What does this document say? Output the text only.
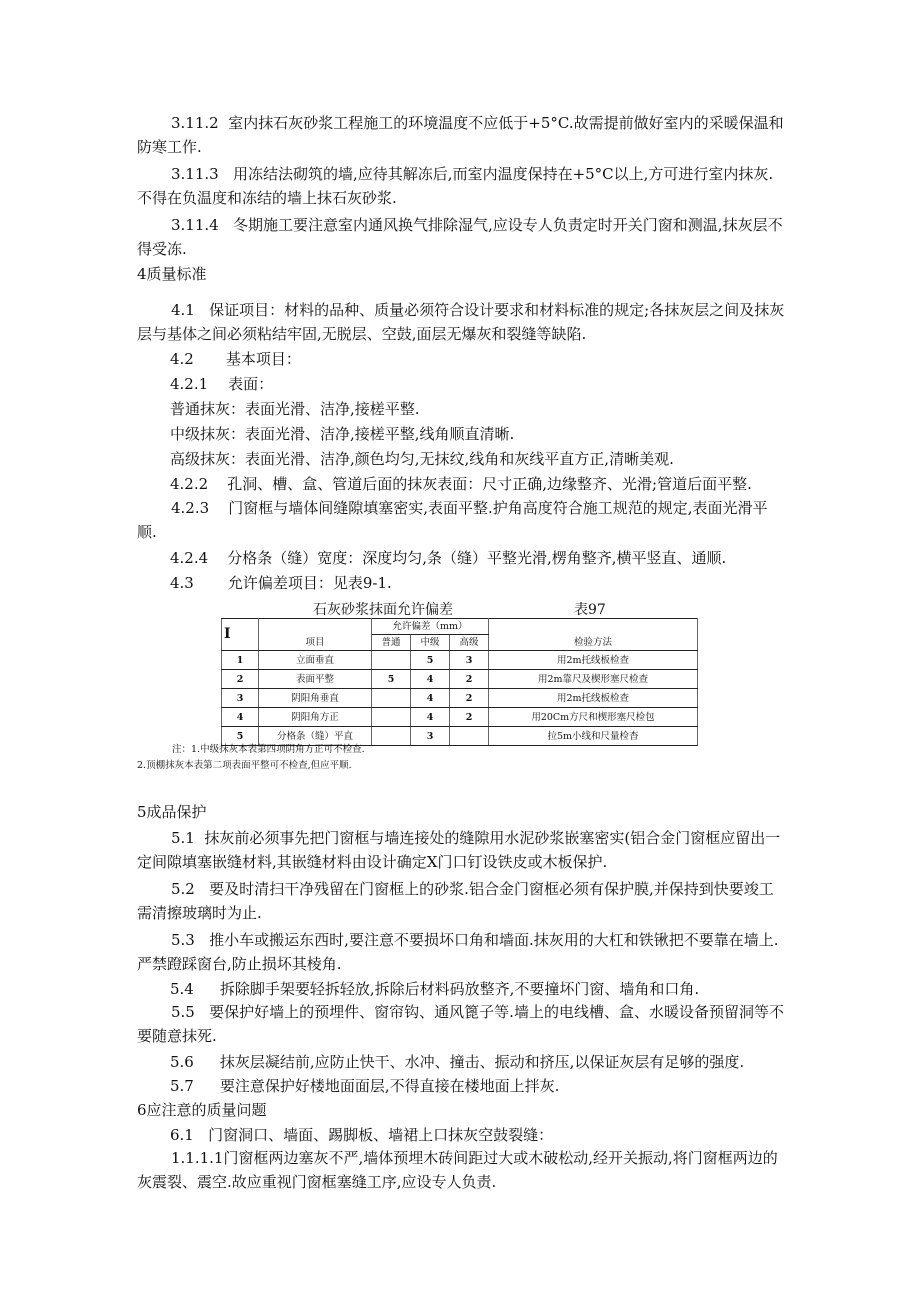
3.11.2 室内抹石灰砂浆工程施工的环境温度不应低于+5°C.故需提前做好室内的采暖保温和防寒工作.
3.11.3 用冻结法砌筑的墙,应待其解冻后,而室内温度保持在+5°C以上,方可进行室内抹灰.不得在负温度和冻结的墙上抹石灰砂浆.
3.11.4 冬期施工要注意室内通风换气排除湿气,应设专人负责定时开关门窗和测温,抹灰层不得受冻.
4质量标准
4.1 保证项目：材料的品种、质量必须符合设计要求和材料标准的规定;各抹灰层之间及抹灰层与基体之间必须粘结牢固,无脱层、空鼓,面层无爆灰和裂缝等缺陷.
4.2 基本项目：
4.2.1 表面：
普通抹灰：表面光滑、洁净,接槎平整.
中级抹灰：表面光滑、洁净,接槎平整,线角顺直清晰.
高级抹灰：表面光滑、洁净,颜色均匀,无抹纹,线角和灰线平直方正,清晰美观.
4.2.2 孔洞、槽、盒、管道后面的抹灰表面：尺寸正确,边缘整齐、光滑;管道后面平整.
4.2.3 门窗框与墙体间缝隙填塞密实,表面平整.护角高度符合施工规范的规定,表面光滑平顺.
4.2.4 分格条（缝）宽度：深度均匀,条（缝）平整光滑,楞角整齐,横平竖直、通顺.
4.3 允许偏差项目：见表9-1.
石灰砂浆抹面允许偏差	表97
Ⅰ	项目	允许偏差（mm）			检验方法
		普通	中级	高级	
1	立面垂直		5	3	用2m托线板检查
2	表面平整	5	4	2	用2m靠尺及楔形塞尺检查
3	阴阳角垂直		4	2	用2m托线板检查
4	阴阳角方正		4	2	用20Cm方尺和楔形塞尺检包
5	分格条（缝）平直		3		拉5m小线和尺量检杳
注：1.中级抹灰本表第四项阴角方正可不检查.
2.顶棚抹灰本表第二项表面平整可不检查,但应平顺.
5成品保护
5.1 抹灰前必须事先把门窗框与墙连接处的缝隙用水泥砂浆嵌塞密实(铝合金门窗框应留出一定间隙填塞嵌缝材料,其嵌缝材料由设计确定X门口钉设铁皮或木板保护.
5.2 要及时清扫干净残留在门窗框上的砂浆.铝合金门窗框必须有保护膜,并保持到快要竣工需清擦玻璃时为止.
5.3 推小车或搬运东西时,要注意不要损坏口角和墙面.抹灰用的大杠和铁锹把不要靠在墙上.严禁蹬踩窗台,防止损坏其棱角.
5.4 拆除脚手架要轻拆轻放,拆除后材料码放整齐,不要撞坏门窗、墙角和口角.
5.5 要保护好墙上的预埋件、窗帘钩、通风篦子等.墙上的电线槽、盒、水暖设备预留洞等不要随意抹死.
5.6 抹灰层凝结前,应防止快干、水冲、撞击、振动和挤压,以保证灰层有足够的强度.
5.7 要注意保护好楼地面面层,不得直接在楼地面上拌灰.
6应注意的质量问题
6.1 门窗洞口、墙面、踢脚板、墙裙上口抹灰空鼓裂缝：
1.1.1.1门窗框两边塞灰不严,墙体预埋木砖间距过大或木破松动,经开关振动,将门窗框两边的灰震裂、震空.故应重视门窗框塞缝工序,应设专人负责.
